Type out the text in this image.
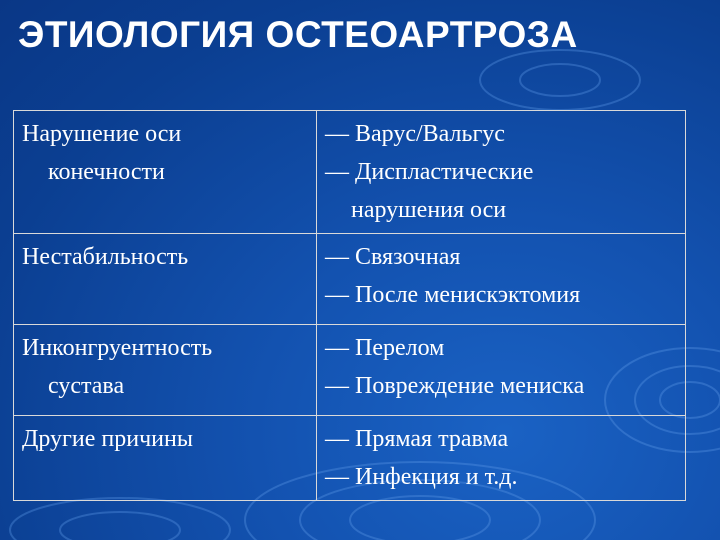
ЭТИОЛОГИЯ ОСТЕОАРТРОЗА
Нарушение оси
конечности	— Варус/Вальгус
— Диспластические
нарушения оси

Нестабильность	— Связочная
— После менискэктомия

Инконгруентность
сустава	— Перелом
— Повреждение мениска

Другие причины	— Прямая травма
— Инфекция и т.д.
